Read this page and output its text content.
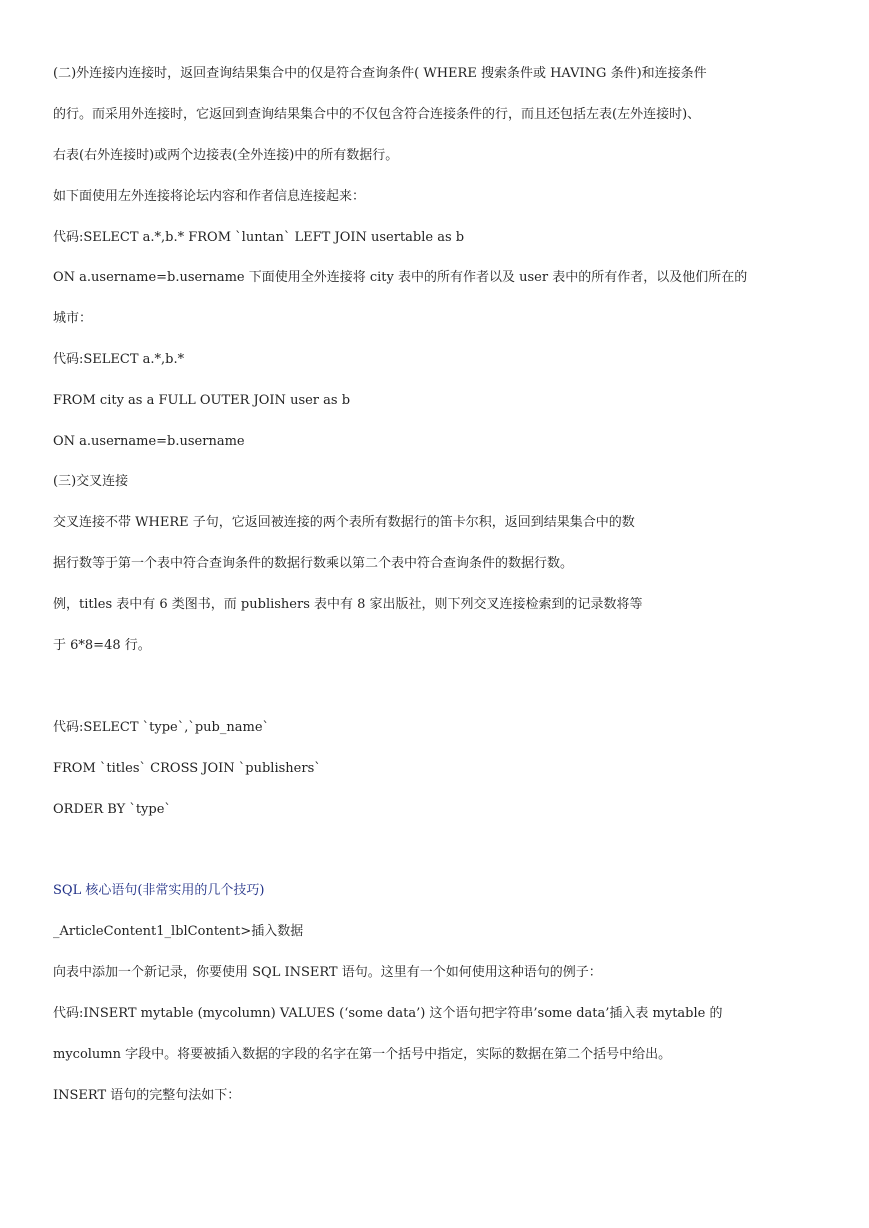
(二)外连接内连接时，返回查询结果集合中的仅是符合查询条件( WHERE 搜索条件或 HAVING 条件)和连接条件
的行。而采用外连接时，它返回到查询结果集合中的不仅包含符合连接条件的行，而且还包括左表(左外连接时)、
右表(右外连接时)或两个边接表(全外连接)中的所有数据行。
如下面使用左外连接将论坛内容和作者信息连接起来：
代码:SELECT a.*,b.* FROM `luntan` LEFT JOIN usertable as b
ON a.username=b.username 下面使用全外连接将 city 表中的所有作者以及 user 表中的所有作者，以及他们所在的
城市：
代码:SELECT a.*,b.*
FROM city as a FULL OUTER JOIN user as b
ON a.username=b.username
(三)交叉连接
交叉连接不带 WHERE 子句，它返回被连接的两个表所有数据行的笛卡尔积，返回到结果集合中的数
据行数等于第一个表中符合查询条件的数据行数乘以第二个表中符合查询条件的数据行数。
例，titles 表中有 6 类图书，而 publishers 表中有 8 家出版社，则下列交叉连接检索到的记录数将等
于 6*8=48 行。
代码:SELECT `type`,`pub_name`
FROM `titles` CROSS JOIN `publishers`
ORDER BY `type`
SQL 核心语句(非常实用的几个技巧)
_ArticleContent1_lblContent>插入数据
向表中添加一个新记录，你要使用 SQL INSERT 语句。这里有一个如何使用这种语句的例子：
代码:INSERT mytable (mycolumn) VALUES (‘some data’) 这个语句把字符串’some data’插入表 mytable 的
mycolumn 字段中。将要被插入数据的字段的名字在第一个括号中指定，实际的数据在第二个括号中给出。
INSERT 语句的完整句法如下：
